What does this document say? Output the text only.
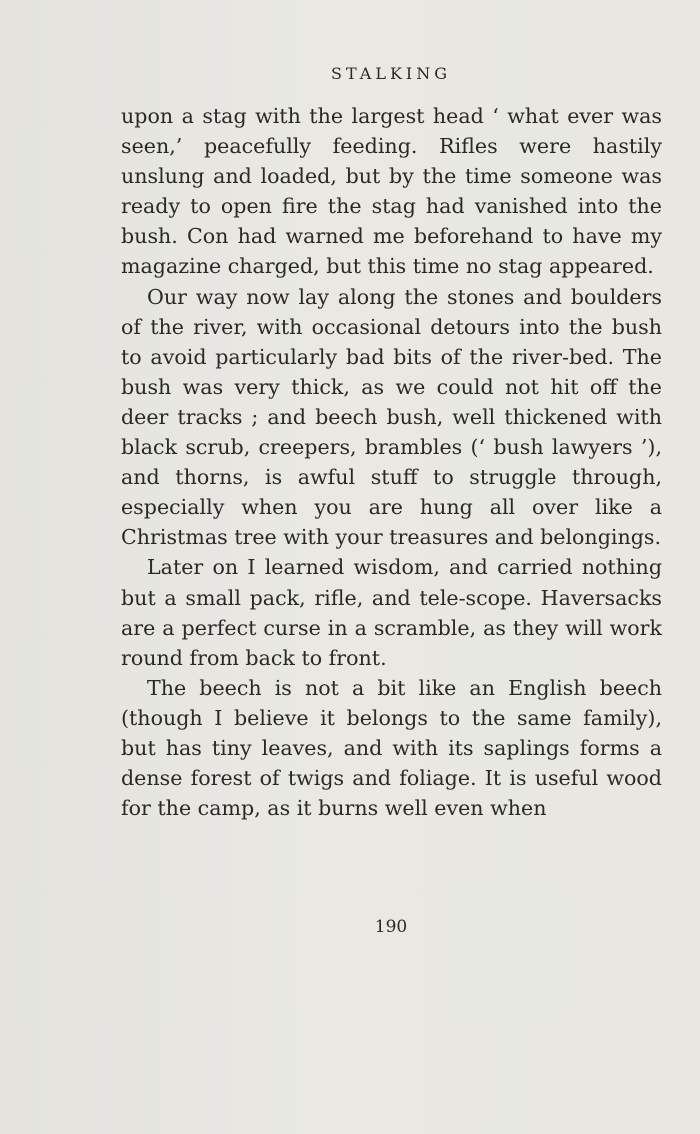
STALKING

upon a stag with the largest head ‘ what ever was seen,’ peacefully feeding. Rifles were hastily unslung and loaded, but by the time someone was ready to open fire the stag had vanished into the bush. Con had warned me beforehand to have my magazine charged, but this time no stag appeared.

Our way now lay along the stones and boulders of the river, with occasional detours into the bush to avoid particularly bad bits of the river-bed. The bush was very thick, as we could not hit off the deer tracks ; and beech bush, well thickened with black scrub, creepers, brambles (‘ bush lawyers ’), and thorns, is awful stuff to struggle through, especially when you are hung all over like a Christmas tree with your treasures and belongings.

Later on I learned wisdom, and carried nothing but a small pack, rifle, and tele-scope. Haversacks are a perfect curse in a scramble, as they will work round from back to front.

The beech is not a bit like an English beech (though I believe it belongs to the same family), but has tiny leaves, and with its saplings forms a dense forest of twigs and foliage. It is useful wood for the camp, as it burns well even when

190
